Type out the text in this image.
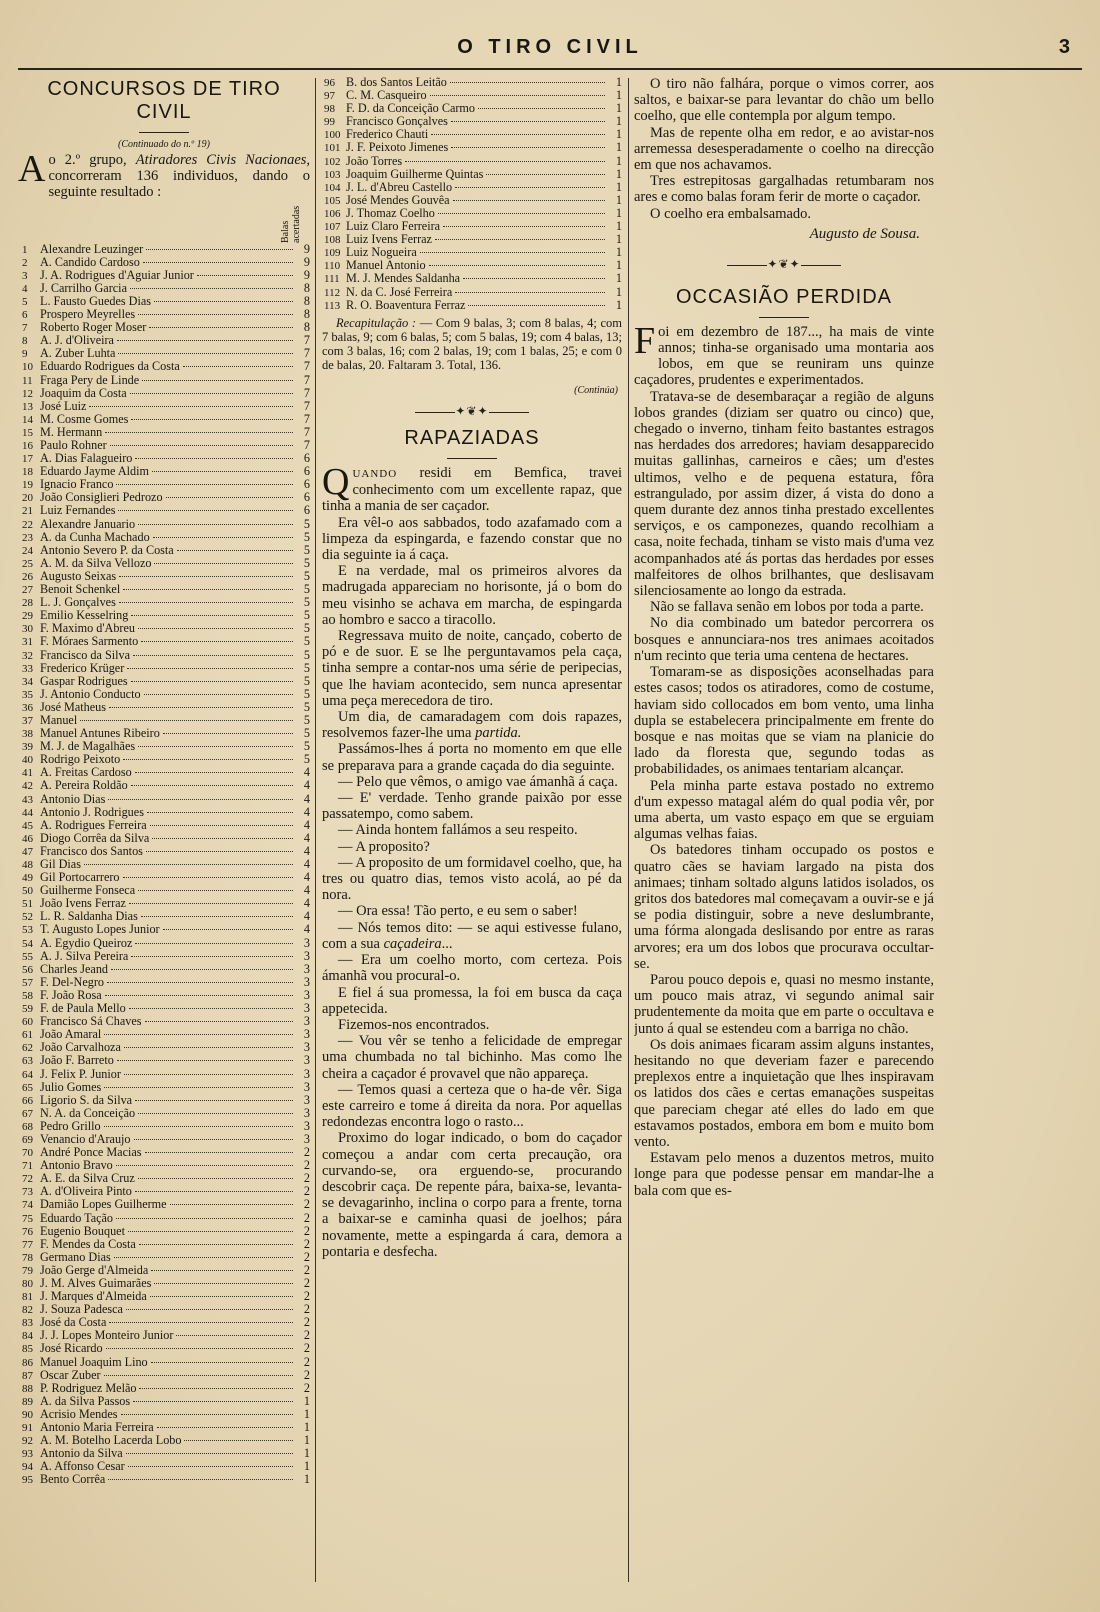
O TIRO CIVIL	3
CONCURSOS DE TIRO CIVIL
(Continuado do n.º 19)

Ao 2.º grupo, Atiradores Civis Nacionaes, concorreram 136 individuos, dando o seguinte resultado :

Balas acertadas
1	Alexandre Leuzinger	9
2	A. Candido Cardoso	9
3	J. A. Rodrigues d'Aguiar Junior	9
4	J. Carrilho Garcia	8
5	L. Fausto Guedes Dias	8
6	Prospero Meyrelles	8
7	Roberto Roger Moser	8
8	A. J. d'Oliveira	7
9	A. Zuber Luhta	7
10 Eduardo Rodrigues da Costa	7
11 Fraga Pery de Linde	7
12 Joaquim da Costa	7
13 José Luiz	7
14 M. Cosme Gomes	7
15 M. Hermann	7
16 Paulo Rohner	7
17 A. Dias Falagueiro	6
18 Eduardo Jayme Aldim	6
19 Ignacio Franco	6
20 João Consiglieri Pedrozo	6
21 Luiz Fernandes	6
22 Alexandre Januario	5
23 A. da Cunha Machado	5
24 Antonio Severo P. da Costa	5
25 A. M. da Silva Vellozo	5
26 Augusto Seixas	5
27 Benoit Schenkel	5
28 L. J. Gonçalves	5
29 Emilio Kesselring	5
30 F. Maximo d'Abreu	5
31 F. Móraes Sarmento	5
32 Francisco da Silva	5
33 Frederico Krüger	5
34 Gaspar Rodrigues	5
35 J. Antonio Conducto	5
36 José Matheus	5
37 Manuel	5
38 Manuel Antunes Ribeiro	5
39 M. J. de Magalhães	5
40 Rodrigo Peixoto	5
41 A. Freitas Cardoso	4
42 A. Pereira Roldão	4
43 Antonio Dias	4
44 Antonio J. Rodrigues	4
45 A. Rodrigues Ferreira	4
46 Diogo Corrêa da Silva	4
47 Francisco dos Santos	4
48 Gil Dias	4
49 Gil Portocarrero	4
50 Guilherme Fonseca	4
51 João Ivens Ferraz	4
52 L. R. Saldanha Dias	4
53 T. Augusto Lopes Junior	4
54 A. Egydio Queiroz	3
55 A. J. Silva Pereira	3
56 Charles Jeand	3
57 F. Del-Negro	3
58 F. João Rosa	3
59 F. de Paula Mello	3
60 Francisco Sá Chaves	3
61 João Amaral	3
62 João Carvalhoza	3
63 João F. Barreto	3
64 J. Felix P. Junior	3
65 Julio Gomes	3
66 Ligorio S. da Silva	3
67 N. A. da Conceição	3
68 Pedro Grillo	3
69 Venancio d'Araujo	3
70 André Ponce Macias	2
71 Antonio Bravo	2
72 A. E. da Silva Cruz	2
73 A. d'Oliveira Pinto	2
74 Damião Lopes Guilherme	2
75 Eduardo Tação	2
76 Eugenio Bouquet	2
77 F. Mendes da Costa	2
78 Germano Dias	2
79 João Gerge d'Almeida	2
80 J. M. Alves Guimarães	2
81 J. Marques d'Almeida	2
82 J. Souza Padesca	2
83 José da Costa	2
84 J. J. Lopes Monteiro Junior	2
85 José Ricardo	2
86 Manuel Joaquim Lino	2
87 Oscar Zuber	2
88 P. Rodriguez Melão	2
89 A. da Silva Passos	1
90 Acrisio Mendes	1
91 Antonio Maria Ferreira	1
92 A. M. Botelho Lacerda Lobo	1
93 Antonio da Silva	1
94 A. Affonso Cesar	1
95 Bento Corrêa	1
96 B. dos Santos Leitão	1
97 C. M. Casqueiro	1
98 F. D. da Conceição Carmo	1
99 Francisco Gonçalves	1
100 Frederico Chauti	1
101 J. F. Peixoto Jimenes	1
102 João Torres	1
103 Joaquim Guilherme Quintas	1
104 J. L. d'Abreu Castello	1
105 José Mendes Gouvêa	1
106 J. Thomaz Coelho	1
107 Luiz Claro Ferreira	1
108 Luiz Ivens Ferraz	1
109 Luiz Nogueira	1
110 Manuel Antonio	1
111 M. J. Mendes Saldanha	1
112 N. da C. José Ferreira	1
113 R. O. Boaventura Ferraz	1

Recapitulação : — Com 9 balas, 3; com 8 balas, 4; com 7 balas, 9; com 6 balas, 5; com 5 balas, 19; com 4 balas, 13; com 3 balas, 16; com 2 balas, 19; com 1 balas, 25; e com 0 de balas, 20. Faltaram 3. Total, 136.

(Continúa)
✦❦✦
RAPAZIADAS

QUANDO residi em Bemfica, travei conhecimento com um excellente rapaz, que tinha a mania de ser caçador.

Era vêl-o aos sabbados, todo azafamado com a limpeza da espingarda, e fazendo constar que no dia seguinte ia á caça.

E na verdade, mal os primeiros alvores da madrugada appareciam no horisonte, já o bom do meu visinho se achava em marcha, de espingarda ao hombro e sacco a tiracollo.

Regressava muito de noite, cançado, coberto de pó e de suor. E se lhe perguntavamos pela caça, tinha sempre a contar-nos uma série de peripecias, que lhe haviam acontecido, sem nunca apresentar uma peça merecedora de tiro.

Um dia, de camaradagem com dois rapazes, resolvemos fazer-lhe uma partida.

Passámos-lhes á porta no momento em que elle se preparava para a grande caçada do dia seguinte.

— Pelo que vêmos, o amigo vae ámanhã á caça.

— E' verdade. Tenho grande paixão por esse passatempo, como sabem.

— Ainda hontem fallámos a seu respeito.

— A proposito?

— A proposito de um formidavel coelho, que, ha tres ou quatro dias, temos visto acolá, ao pé da nora.

— Ora essa! Tão perto, e eu sem o saber!

— Nós temos dito: — se aqui estivesse fulano, com a sua caçadeira...

— Era um coelho morto, com certeza. Pois ámanhã vou procural-o.

E fiel á sua promessa, la foi em busca da caça appetecida.

Fizemos-nos encontrados.

— Vou vêr se tenho a felicidade de empregar uma chumbada no tal bichinho. Mas como lhe cheira a caçador é provavel que não appareça.

— Temos quasi a certeza que o ha-de vêr. Siga este carreiro e tome á direita da nora. Por aquellas redondezas encontra logo o rasto...

Proximo do logar indicado, o bom do caçador começou a andar com certa precaução, ora curvando-se, ora erguendo-se, procurando descobrir caça. De repente pára, baixa-se, levanta-se devagarinho, inclina o corpo para a frente, torna a baixar-se e caminha quasi de joelhos; pára novamente, mette a espingarda á cara, demora a pontaria e desfecha.

O tiro não falhára, porque o vimos correr, aos saltos, e baixar-se para levantar do chão um bello coelho, que elle contempla por algum tempo.

Mas de repente olha em redor, e ao avistar-nos arremessa desesperadamente o coelho na direcção em que nos achavamos.

Tres estrepitosas gargalhadas retumbaram nos ares e como balas foram ferir de morte o caçador.

O coelho era embalsamado.

Augusto de Sousa.
✦❦✦
OCCASIÃO PERDIDA

Foi em dezembro de 187..., ha mais de vinte annos; tinha-se organisado uma montaria aos lobos, em que se reuniram uns quinze caçadores, prudentes e experimentados.

Tratava-se de desembaraçar a região de alguns lobos grandes (diziam ser quatro ou cinco) que, chegado o inverno, tinham feito bastantes estragos nas herdades dos arredores; haviam desapparecido muitas gallinhas, carneiros e cães; um d'estes ultimos, velho e de pequena estatura, fôra estrangulado, por assim dizer, á vista do dono a quem durante dez annos tinha prestado excellentes serviços, e os camponezes, quando recolhiam a casa, noite fechada, tinham se visto mais d'uma vez acompanhados até ás portas das herdades por esses malfeitores de olhos brilhantes, que deslisavam silenciosamente ao longo da estrada.

Não se fallava senão em lobos por toda a parte.

No dia combinado um batedor percorrera os bosques e annunciara-nos tres animaes acoitados n'um recinto que teria uma centena de hectares.

Tomaram-se as disposições aconselhadas para estes casos; todos os atiradores, como de costume, haviam sido collocados em bom vento, uma linha dupla se estabelecera principalmente em frente do bosque e nas moitas que se viam na planicie do lado da floresta que, segundo todas as probabilidades, os animaes tentariam alcançar.

Pela minha parte estava postado no extremo d'um expesso matagal além do qual podia vêr, por uma aberta, um vasto espaço em que se erguiam algumas velhas faias.

Os batedores tinham occupado os postos e quatro cães se haviam largado na pista dos animaes; tinham soltado alguns latidos isolados, os gritos dos batedores mal começavam a ouvir-se e já se podia distinguir, sobre a neve deslumbrante, uma fórma alongada deslisando por entre as raras arvores; era um dos lobos que procurava occultar-se.

Parou pouco depois e, quasi no mesmo instante, um pouco mais atraz, vi segundo animal sair prudentemente da moita que em parte o occultava e junto á qual se estendeu com a barriga no chão.

Os dois animaes ficaram assim alguns instantes, hesitando no que deveriam fazer e parecendo preplexos entre a inquietação que lhes inspiravam os latidos dos cães e certas emanações suspeitas que pareciam chegar até elles do lado em que estavamos postados, embora em bom e muito bom vento.

Estavam pelo menos a duzentos metros, muito longe para que podesse pensar em mandar-lhe a bala com que es-
